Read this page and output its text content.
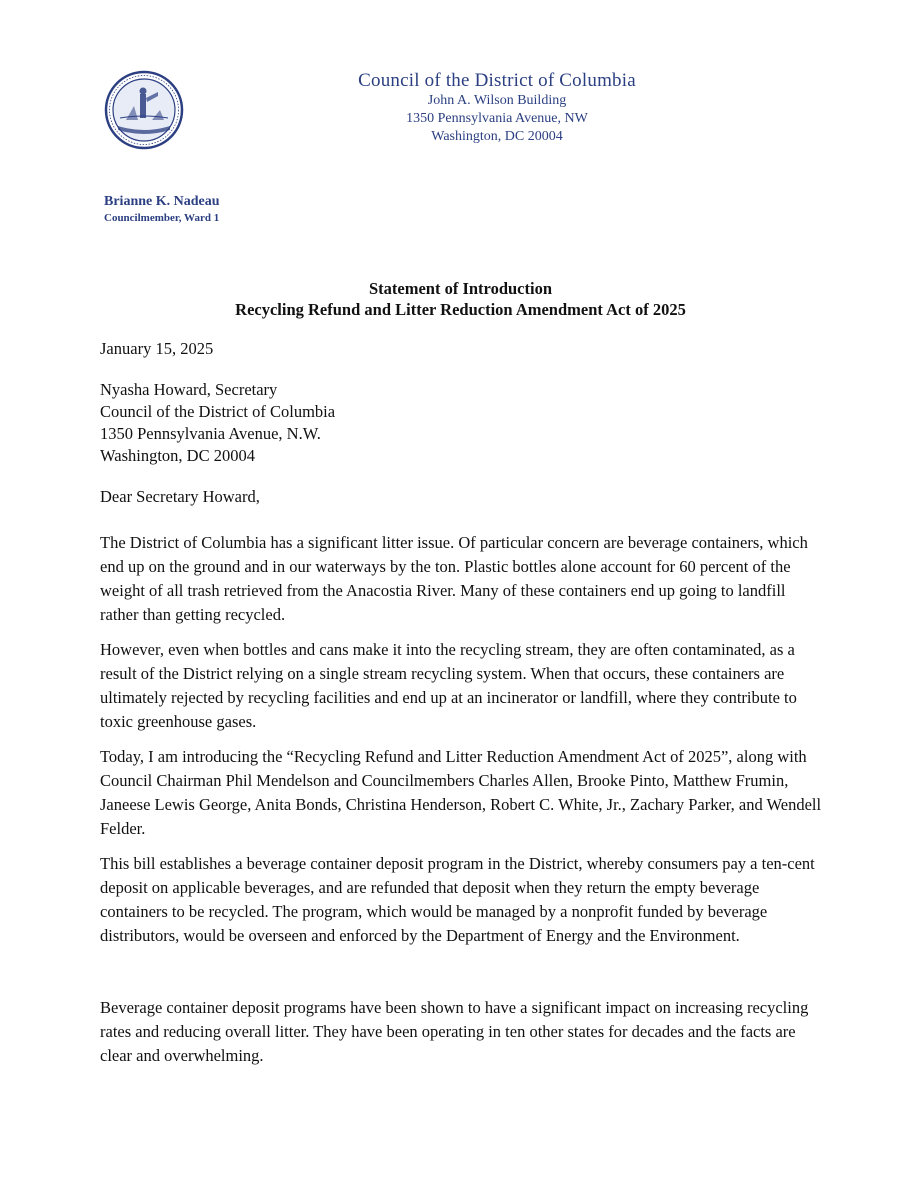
Council of the District of Columbia
John A. Wilson Building
1350 Pennsylvania Avenue, NW
Washington, DC 20004
Brianne K. Nadeau
Councilmember, Ward 1
Statement of Introduction
Recycling Refund and Litter Reduction Amendment Act of 2025
January 15, 2025
Nyasha Howard, Secretary
Council of the District of Columbia
1350 Pennsylvania Avenue, N.W.
Washington, DC 20004
Dear Secretary Howard,
The District of Columbia has a significant litter issue. Of particular concern are beverage containers, which end up on the ground and in our waterways by the ton. Plastic bottles alone account for 60 percent of the weight of all trash retrieved from the Anacostia River. Many of these containers end up going to landfill rather than getting recycled.
However, even when bottles and cans make it into the recycling stream, they are often contaminated, as a result of the District relying on a single stream recycling system. When that occurs, these containers are ultimately rejected by recycling facilities and end up at an incinerator or landfill, where they contribute to toxic greenhouse gases.
Today, I am introducing the “Recycling Refund and Litter Reduction Amendment Act of 2025”, along with Council Chairman Phil Mendelson and Councilmembers Charles Allen, Brooke Pinto, Matthew Frumin, Janeese Lewis George, Anita Bonds, Christina Henderson, Robert C. White, Jr., Zachary Parker, and Wendell Felder.
This bill establishes a beverage container deposit program in the District, whereby consumers pay a ten-cent deposit on applicable beverages, and are refunded that deposit when they return the empty beverage containers to be recycled. The program, which would be managed by a nonprofit funded by beverage distributors, would be overseen and enforced by the Department of Energy and the Environment.
Beverage container deposit programs have been shown to have a significant impact on increasing recycling rates and reducing overall litter. They have been operating in ten other states for decades and the facts are clear and overwhelming.
